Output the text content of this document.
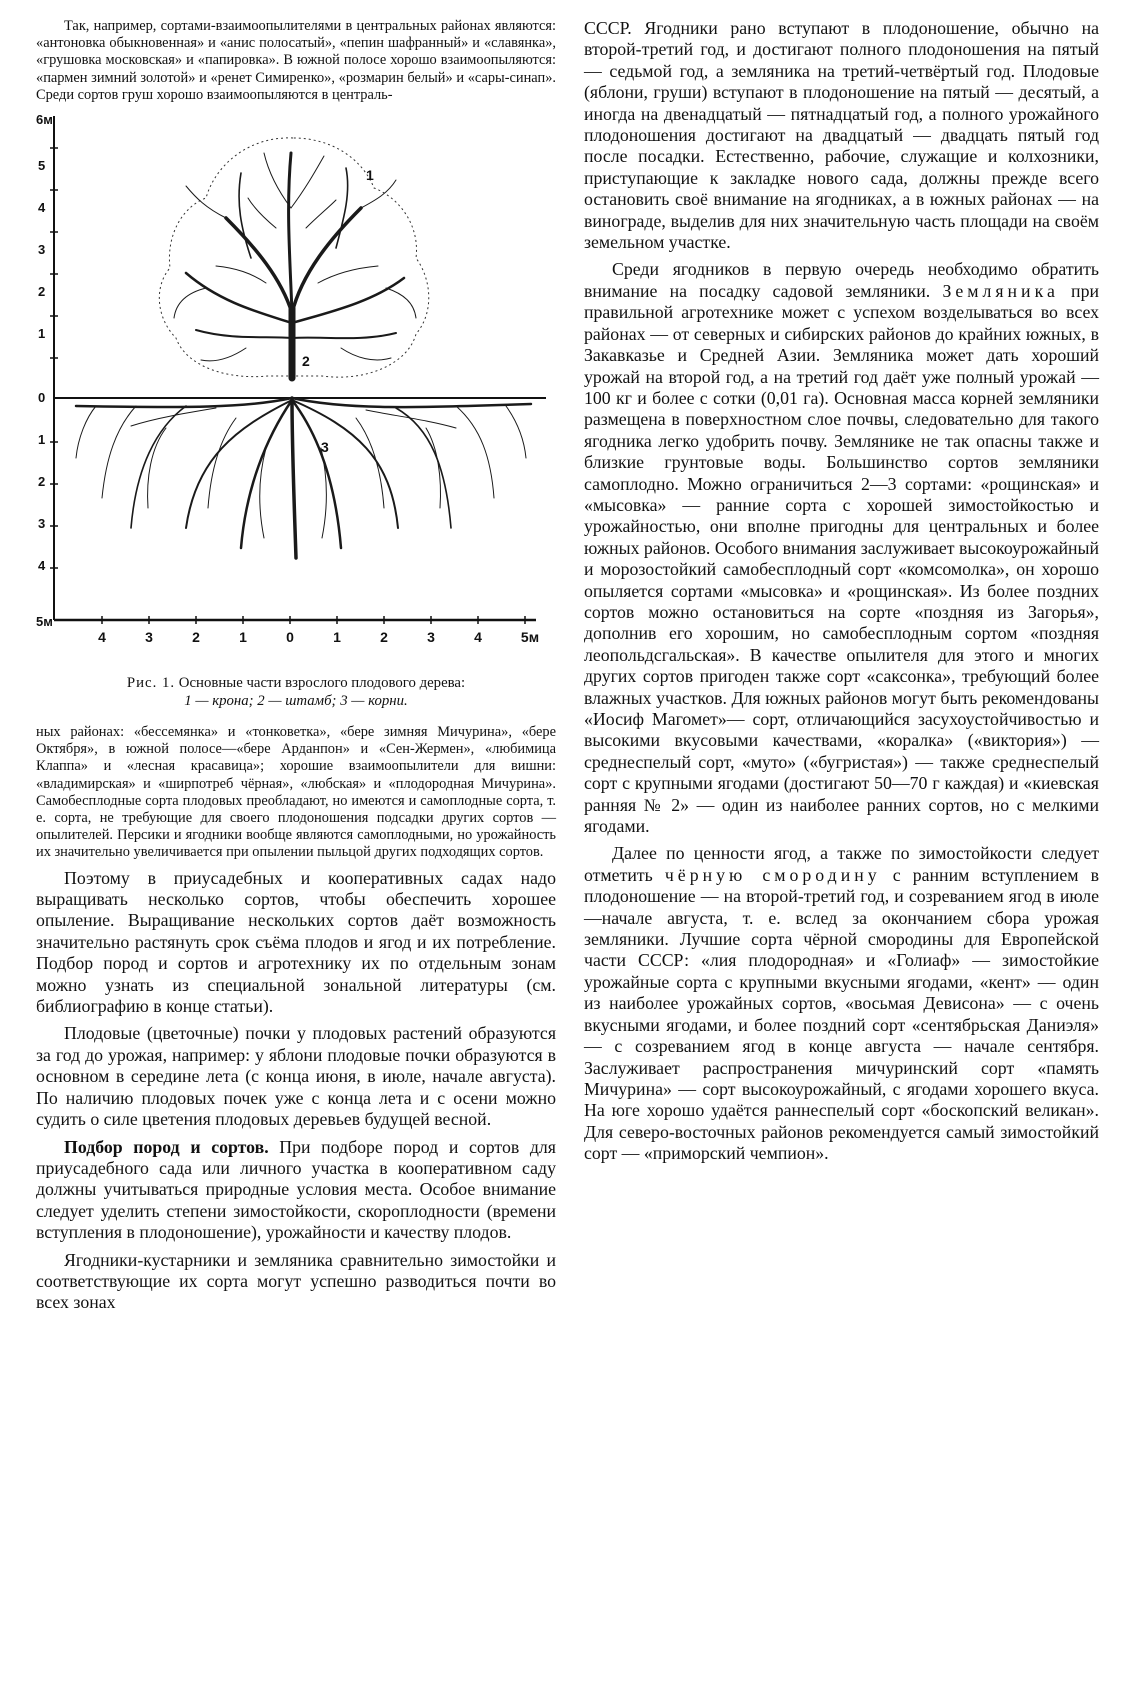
Так, например, сортами-взаимоопылителями в центральных районах являются: «антоновка обыкновенная» и «анис полосатый», «пепин шафранный» и «славянка», «грушовка московская» и «папировка». В южной полосе хорошо взаимоопыляются: «пармен зимний золотой» и «ренет Симиренко», «розмарин белый» и «сары-синап». Среди сортов груш хорошо взаимоопыляются в централь-

6м
5
4
3
2
1
0
1
2
3
4
5м
4	3	2	1	0	1	2	3	4	5м
1
2
3
Рис. 1. Основные части взрослого плодового дерева:
1 — крона; 2 — штамб; 3 — корни.

ных районах: «бессемянка» и «тонковетка», «бере зимняя Мичурина», «бере Октября», в южной полосе—«бере Арданпон» и «Сен-Жермен», «любимица Клаппа» и «лесная красавица»; хорошие взаимоопылители для вишни: «владимирская» и «ширпотреб чёрная», «любская» и «плодородная Мичурина». Самобесплодные сорта плодовых преобладают, но имеются и самоплодные сорта, т. е. сорта, не требующие для своего плодоношения подсадки других сортов — опылителей. Персики и ягодники вообще являются самоплодными, но урожайность их значительно увеличивается при опылении пыльцой других подходящих сортов.

Поэтому в приусадебных и кооперативных садах надо выращивать несколько сортов, чтобы обеспечить хорошее опыление. Выращивание нескольких сортов даёт возможность значительно растянуть срок съёма плодов и ягод и их потребление. Подбор пород и сортов и агротехнику их по отдельным зонам можно узнать из специальной зональной литературы (см. библиографию в конце статьи).

Плодовые (цветочные) почки у плодовых растений образуются за год до урожая, например: у яблони плодовые почки образуются в основном в середине лета (с конца июня, в июле, начале августа). По наличию плодовых почек уже с конца лета и с осени можно судить о силе цветения плодовых деревьев будущей весной.

Подбор пород и сортов. При подборе пород и сортов для приусадебного сада или личного участка в кооперативном саду должны учитываться природные условия места. Особое внимание следует уделить степени зимостойкости, скороплодности (времени вступления в плодоношение), урожайности и качеству плодов.

Ягодники-кустарники и земляника сравнительно зимостойки и соответствующие их сорта могут успешно разводиться почти во всех зонах

СССР. Ягодники рано вступают в плодоношение, обычно на второй-третий год, и достигают полного плодоношения на пятый — седьмой год, а земляника на третий-четвёртый год. Плодовые (яблони, груши) вступают в плодоношение на пятый — десятый, а иногда на двенадцатый — пятнадцатый год, а полного урожайного плодоношения достигают на двадцатый — двадцать пятый год после посадки. Естественно, рабочие, служащие и колхозники, приступающие к закладке нового сада, должны прежде всего остановить своё внимание на ягодниках, а в южных районах — на винограде, выделив для них значительную часть площади на своём земельном участке.

Среди ягодников в первую очередь необходимо обратить внимание на посадку садовой земляники. Земляника при правильной агротехнике может с успехом возделываться во всех районах — от северных и сибирских районов до крайних южных, в Закавказье и Средней Азии. Земляника может дать хороший урожай на второй год, а на третий год даёт уже полный урожай — 100 кг и более с сотки (0,01 га). Основная масса корней земляники размещена в поверхностном слое почвы, следовательно для такого ягодника легко удобрить почву. Землянике не так опасны также и близкие грунтовые воды. Большинство сортов земляники самоплодно. Можно ограничиться 2—3 сортами: «рощинская» и «мысовка» — ранние сорта с хорошей зимостойкостью и урожайностью, они вполне пригодны для центральных и более южных районов. Особого внимания заслуживает высокоурожайный и морозостойкий самобесплодный сорт «комсомолка», он хорошо опыляется сортами «мысовка» и «рощинская». Из более поздних сортов можно остановиться на сорте «поздняя из Загорья», дополнив его хорошим, но самобесплодным сортом «поздняя леопольдсгальская». В качестве опылителя для этого и многих других сортов пригоден также сорт «саксонка», требующий более влажных участков. Для южных районов могут быть рекомендованы «Иосиф Магомет»— сорт, отличающийся засухоустойчивостью и высокими вкусовыми качествами, «коралка» («виктория») — среднеспелый сорт, «муто» («бугристая») — также среднеспелый сорт с крупными ягодами (достигают 50—70 г каждая) и «киевская ранняя № 2» — один из наиболее ранних сортов, но с мелкими ягодами.

Далее по ценности ягод, а также по зимостойкости следует отметить чёрную смородину с ранним вступлением в плодоношение — на второй-третий год, и созреванием ягод в июле—начале августа, т. е. вслед за окончанием сбора урожая земляники. Лучшие сорта чёрной смородины для Европейской части СССР: «лия плодородная» и «Голиаф» — зимостойкие урожайные сорта с крупными вкусными ягодами, «кент» — один из наиболее урожайных сортов, «восьмая Девисона» — с очень вкусными ягодами, и более поздний сорт «сентябрьская Даниэля» — с созреванием ягод в конце августа — начале сентября. Заслуживает распространения мичуринский сорт «память Мичурина» — сорт высокоурожайный, с ягодами хорошего вкуса. На юге хорошо удаётся раннеспелый сорт «боскопский великан». Для северо-восточных районов рекомендуется самый зимостойкий сорт — «приморский чемпион».
